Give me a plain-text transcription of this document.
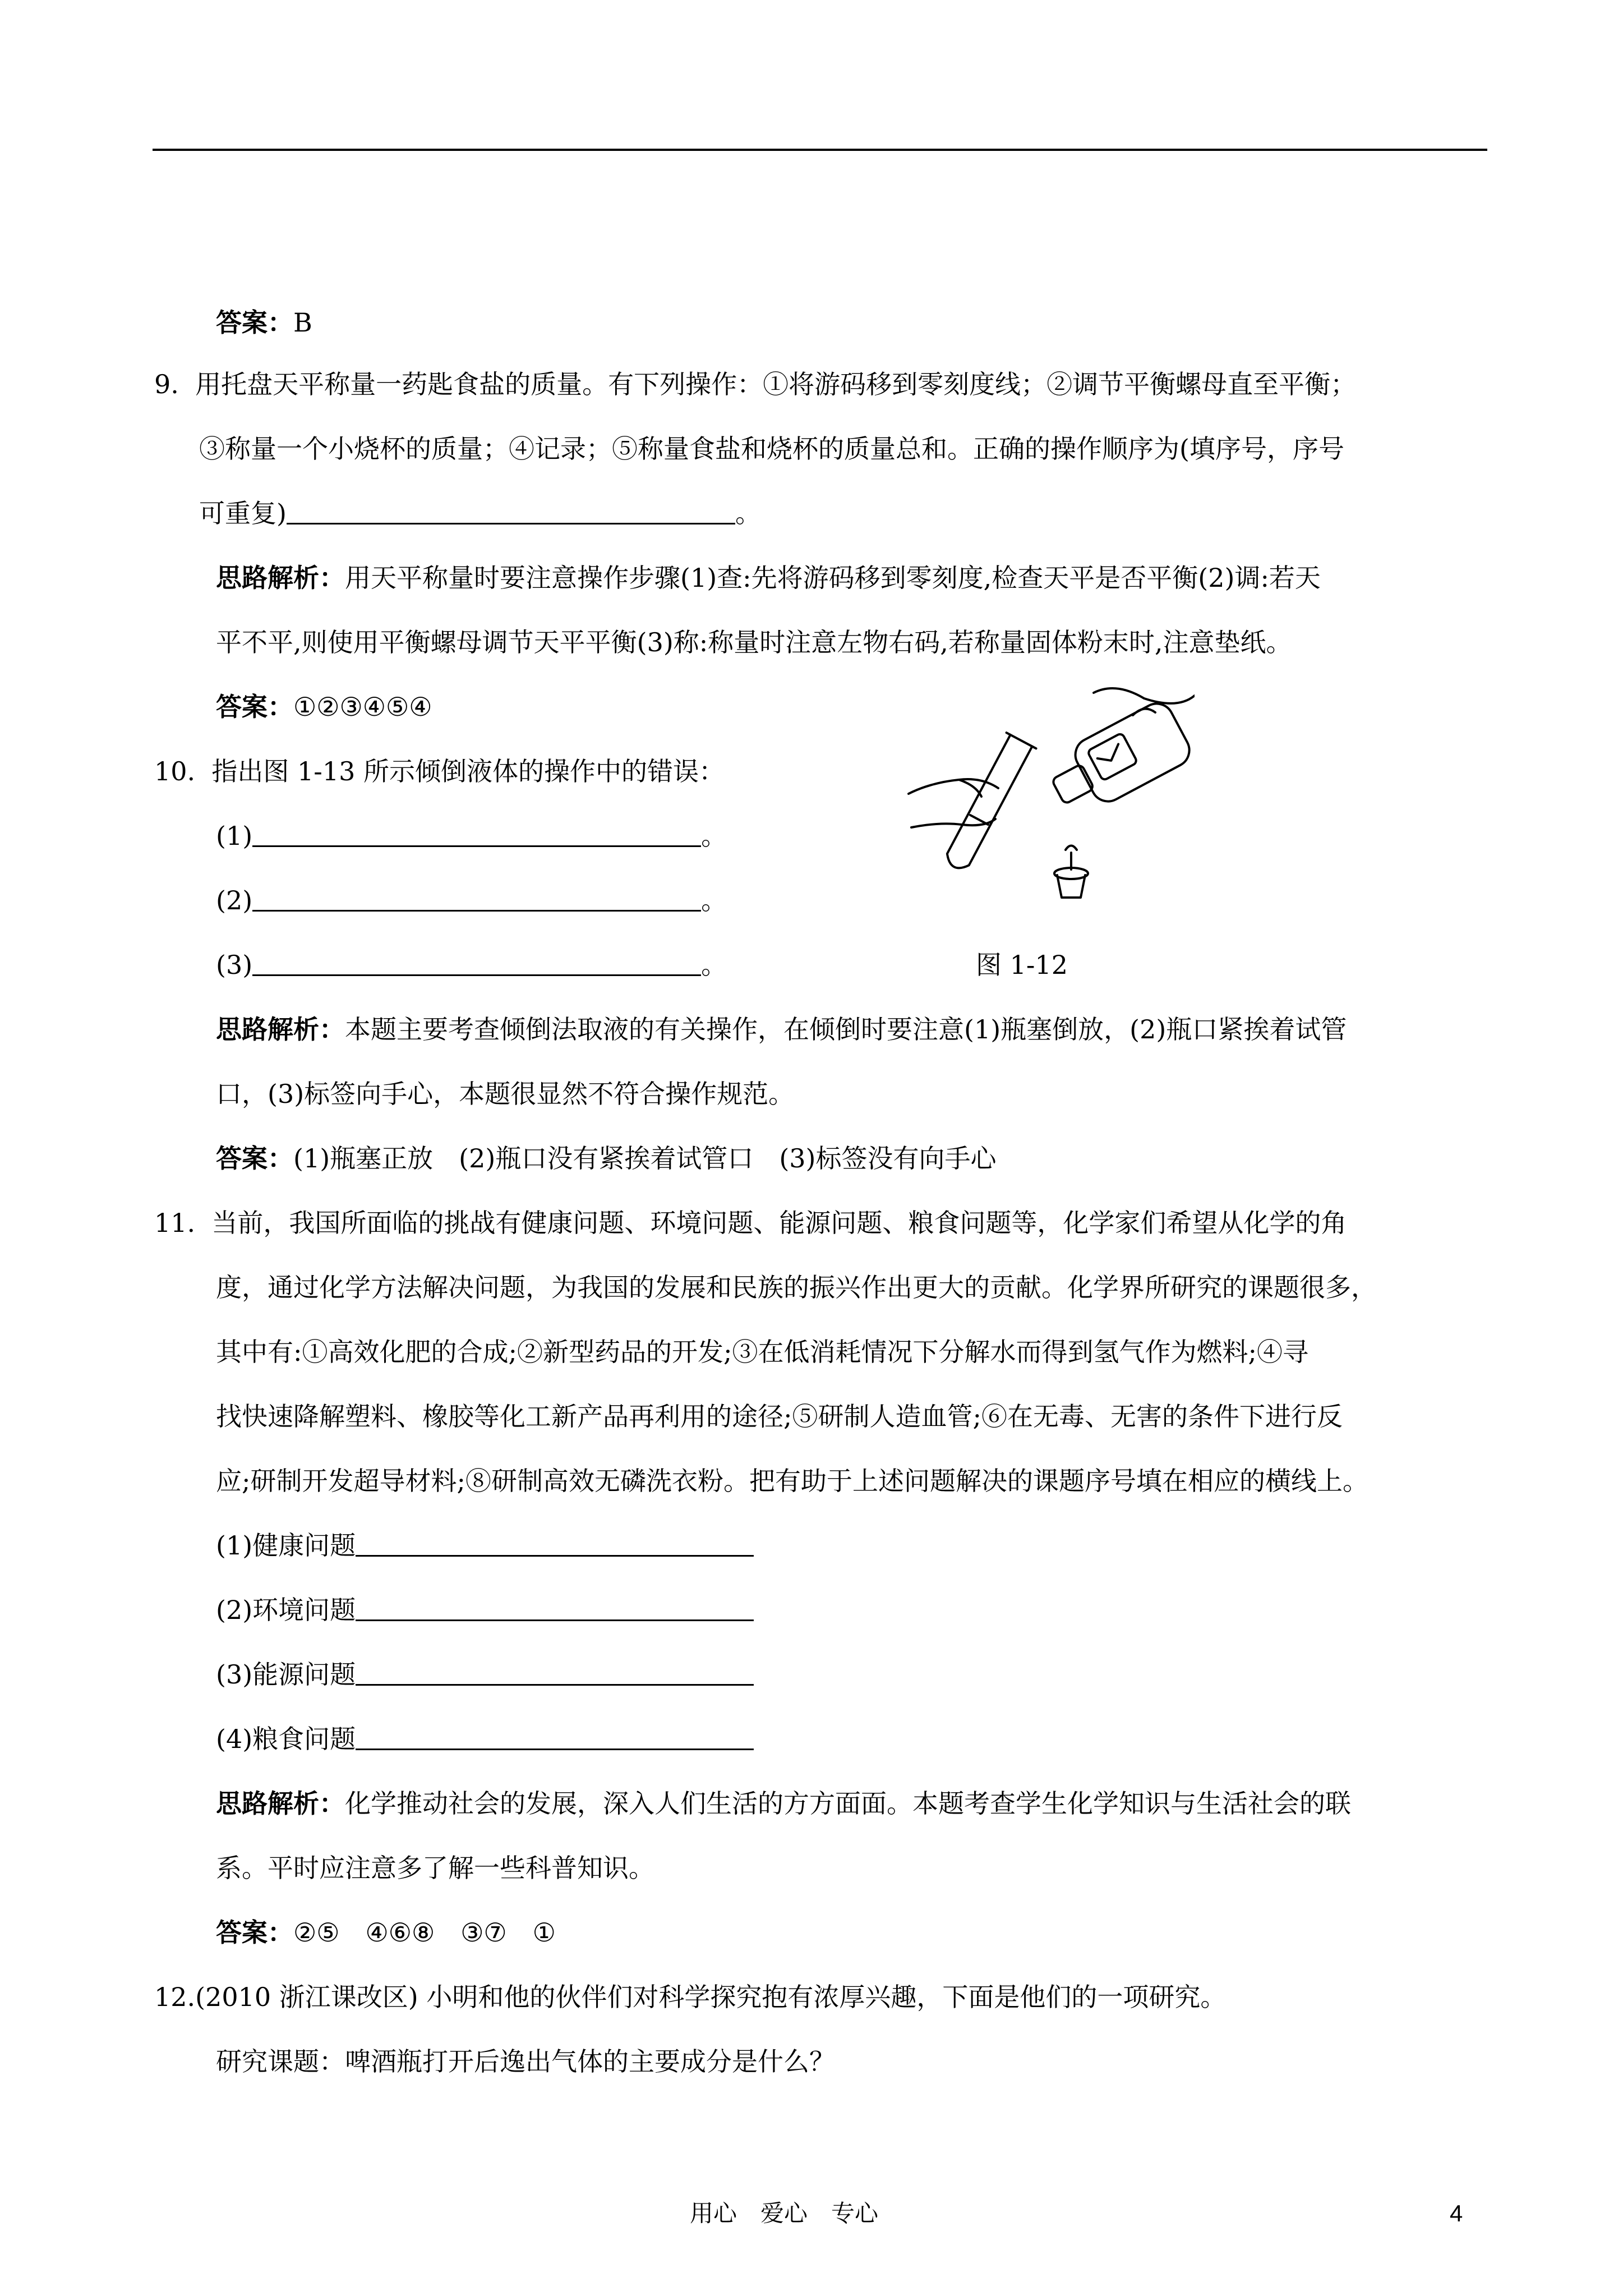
答案：B
9. 用托盘天平称量一药匙食盐的质量。有下列操作：①将游码移到零刻度线；②调节平衡螺母直至平衡；
③称量一个小烧杯的质量；④记录；⑤称量食盐和烧杯的质量总和。正确的操作顺序为(填序号，序号
可重复)	。
思路解析：用天平称量时要注意操作步骤(1)查:先将游码移到零刻度,检查天平是否平衡(2)调:若天
平不平,则使用平衡螺母调节天平平衡(3)称:称量时注意左物右码,若称量固体粉末时,注意垫纸。
答案：①②③④⑤④
10. 指出图 1-13 所示倾倒液体的操作中的错误：
(1)	。
(2)	。
(3)	。	图 1-12
思路解析：本题主要考查倾倒法取液的有关操作，在倾倒时要注意(1)瓶塞倒放，(2)瓶口紧挨着试管
口，(3)标签向手心，本题很显然不符合操作规范。
答案：(1)瓶塞正放　(2)瓶口没有紧挨着试管口　(3)标签没有向手心
11. 当前，我国所面临的挑战有健康问题、环境问题、能源问题、粮食问题等，化学家们希望从化学的角
度，通过化学方法解决问题，为我国的发展和民族的振兴作出更大的贡献。化学界所研究的课题很多，
其中有:①高效化肥的合成;②新型药品的开发;③在低消耗情况下分解水而得到氢气作为燃料;④寻
找快速降解塑料、橡胶等化工新产品再利用的途径;⑤研制人造血管;⑥在无毒、无害的条件下进行反
应;研制开发超导材料;⑧研制高效无磷洗衣粉。把有助于上述问题解决的课题序号填在相应的横线上。
(1)健康问题
(2)环境问题
(3)能源问题
(4)粮食问题
思路解析：化学推动社会的发展，深入人们生活的方方面面。本题考查学生化学知识与生活社会的联
系。平时应注意多了解一些科普知识。
答案：②⑤　④⑥⑧　③⑦　①
12.(2010 浙江课改区) 小明和他的伙伴们对科学探究抱有浓厚兴趣，下面是他们的一项研究。
研究课题：啤酒瓶打开后逸出气体的主要成分是什么？
用心　爱心　专心	4
